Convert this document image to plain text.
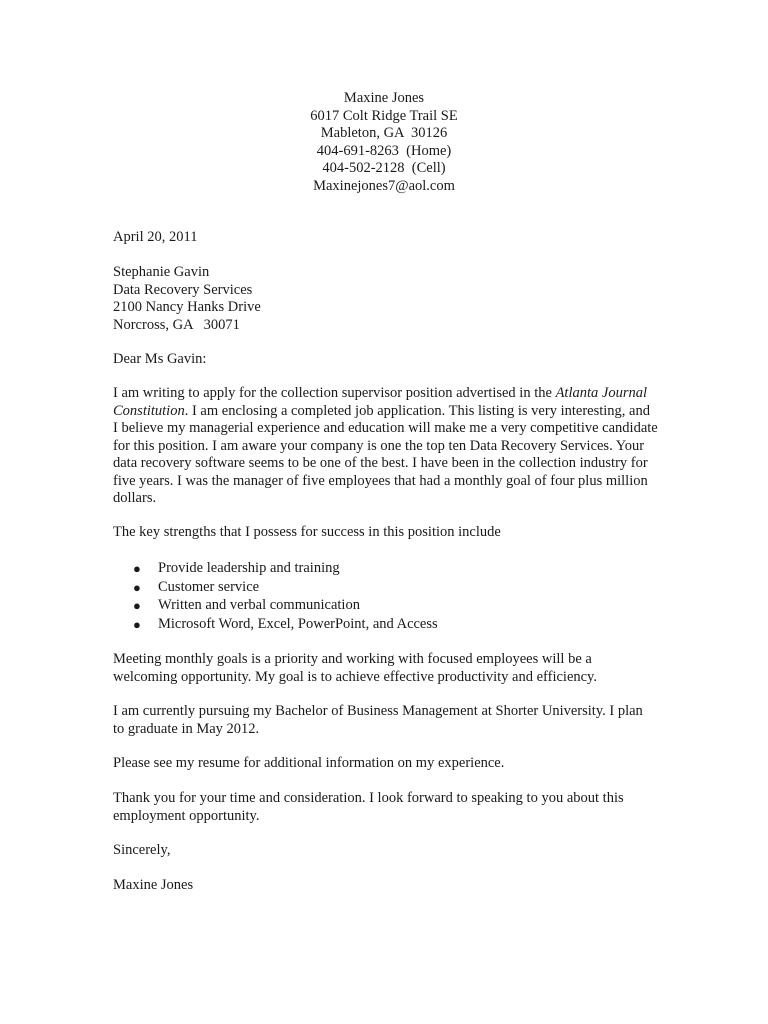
Maxine Jones
6017 Colt Ridge Trail SE
Mableton, GA  30126
404-691-8263  (Home)
404-502-2128  (Cell)
Maxinejones7@aol.com
April 20, 2011
Stephanie Gavin
Data Recovery Services
2100 Nancy Hanks Drive
Norcross, GA   30071
Dear Ms Gavin:
I am writing to apply for the collection supervisor position advertised in the Atlanta Journal Constitution. I am enclosing a completed job application. This listing is very interesting, and I believe my managerial experience and education will make me a very competitive candidate for this position. I am aware your company is one the top ten Data Recovery Services. Your data recovery software seems to be one of the best. I have been in the collection industry for five years. I was the manager of five employees that had a monthly goal of four plus million dollars.
The key strengths that I possess for success in this position include
● Provide leadership and training
● Customer service
● Written and verbal communication
● Microsoft Word, Excel, PowerPoint, and Access
Meeting monthly goals is a priority and working with focused employees will be a welcoming opportunity. My goal is to achieve effective productivity and efficiency.
I am currently pursuing my Bachelor of Business Management at Shorter University. I plan to graduate in May 2012.
Please see my resume for additional information on my experience.
Thank you for your time and consideration. I look forward to speaking to you about this employment opportunity.
Sincerely,
Maxine Jones
